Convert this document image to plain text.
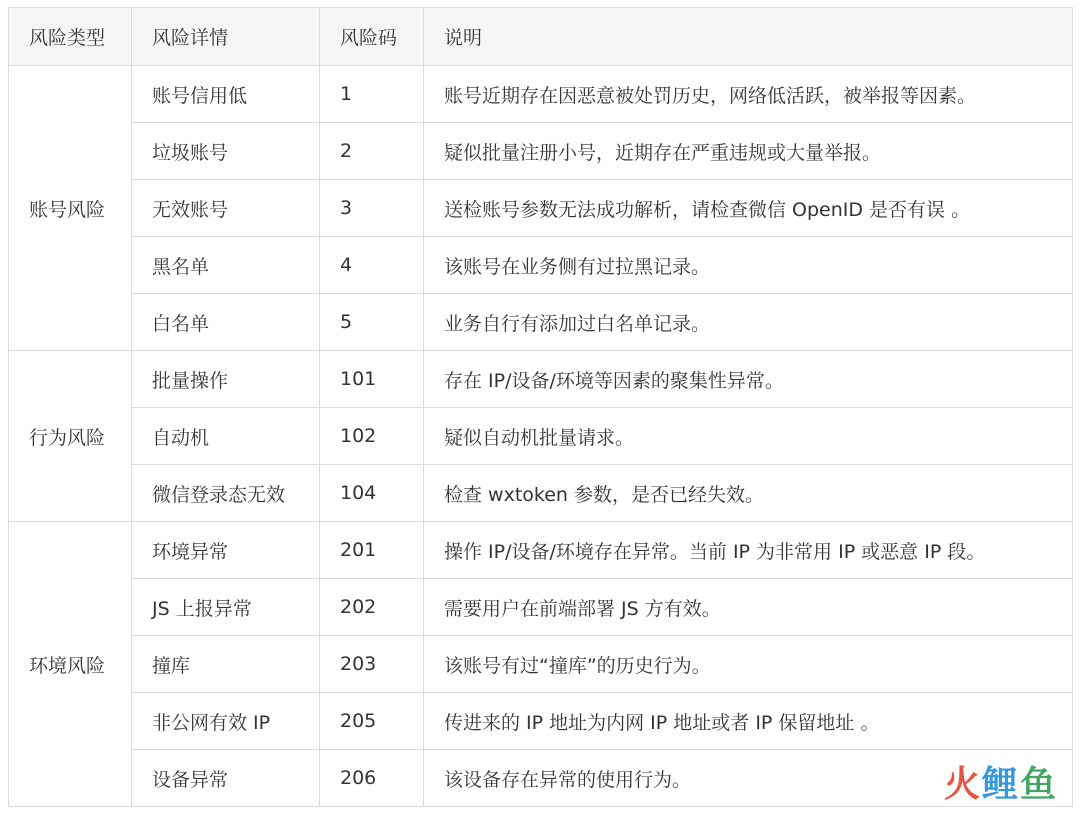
风险类型	风险详情	风险码	说明
账号风险	账号信用低	1	账号近期存在因恶意被处罚历史，网络低活跃，被举报等因素。
	垃圾账号	2	疑似批量注册小号，近期存在严重违规或大量举报。
	无效账号	3	送检账号参数无法成功解析，请检查微信 OpenID 是否有误 。
	黑名单	4	该账号在业务侧有过拉黑记录。
	白名单	5	业务自行有添加过白名单记录。
行为风险	批量操作	101	存在 IP/设备/环境等因素的聚集性异常。
	自动机	102	疑似自动机批量请求。
	微信登录态无效	104	检查 wxtoken 参数，是否已经失效。
环境风险	环境异常	201	操作 IP/设备/环境存在异常。当前 IP 为非常用 IP 或恶意 IP 段。
	JS 上报异常	202	需要用户在前端部署 JS 方有效。
	撞库	203	该账号有过“撞库”的历史行为。
	非公网有效 IP	205	传进来的 IP 地址为内网 IP 地址或者 IP 保留地址 。
	设备异常	206	该设备存在异常的使用行为。	火 鲤 鱼
